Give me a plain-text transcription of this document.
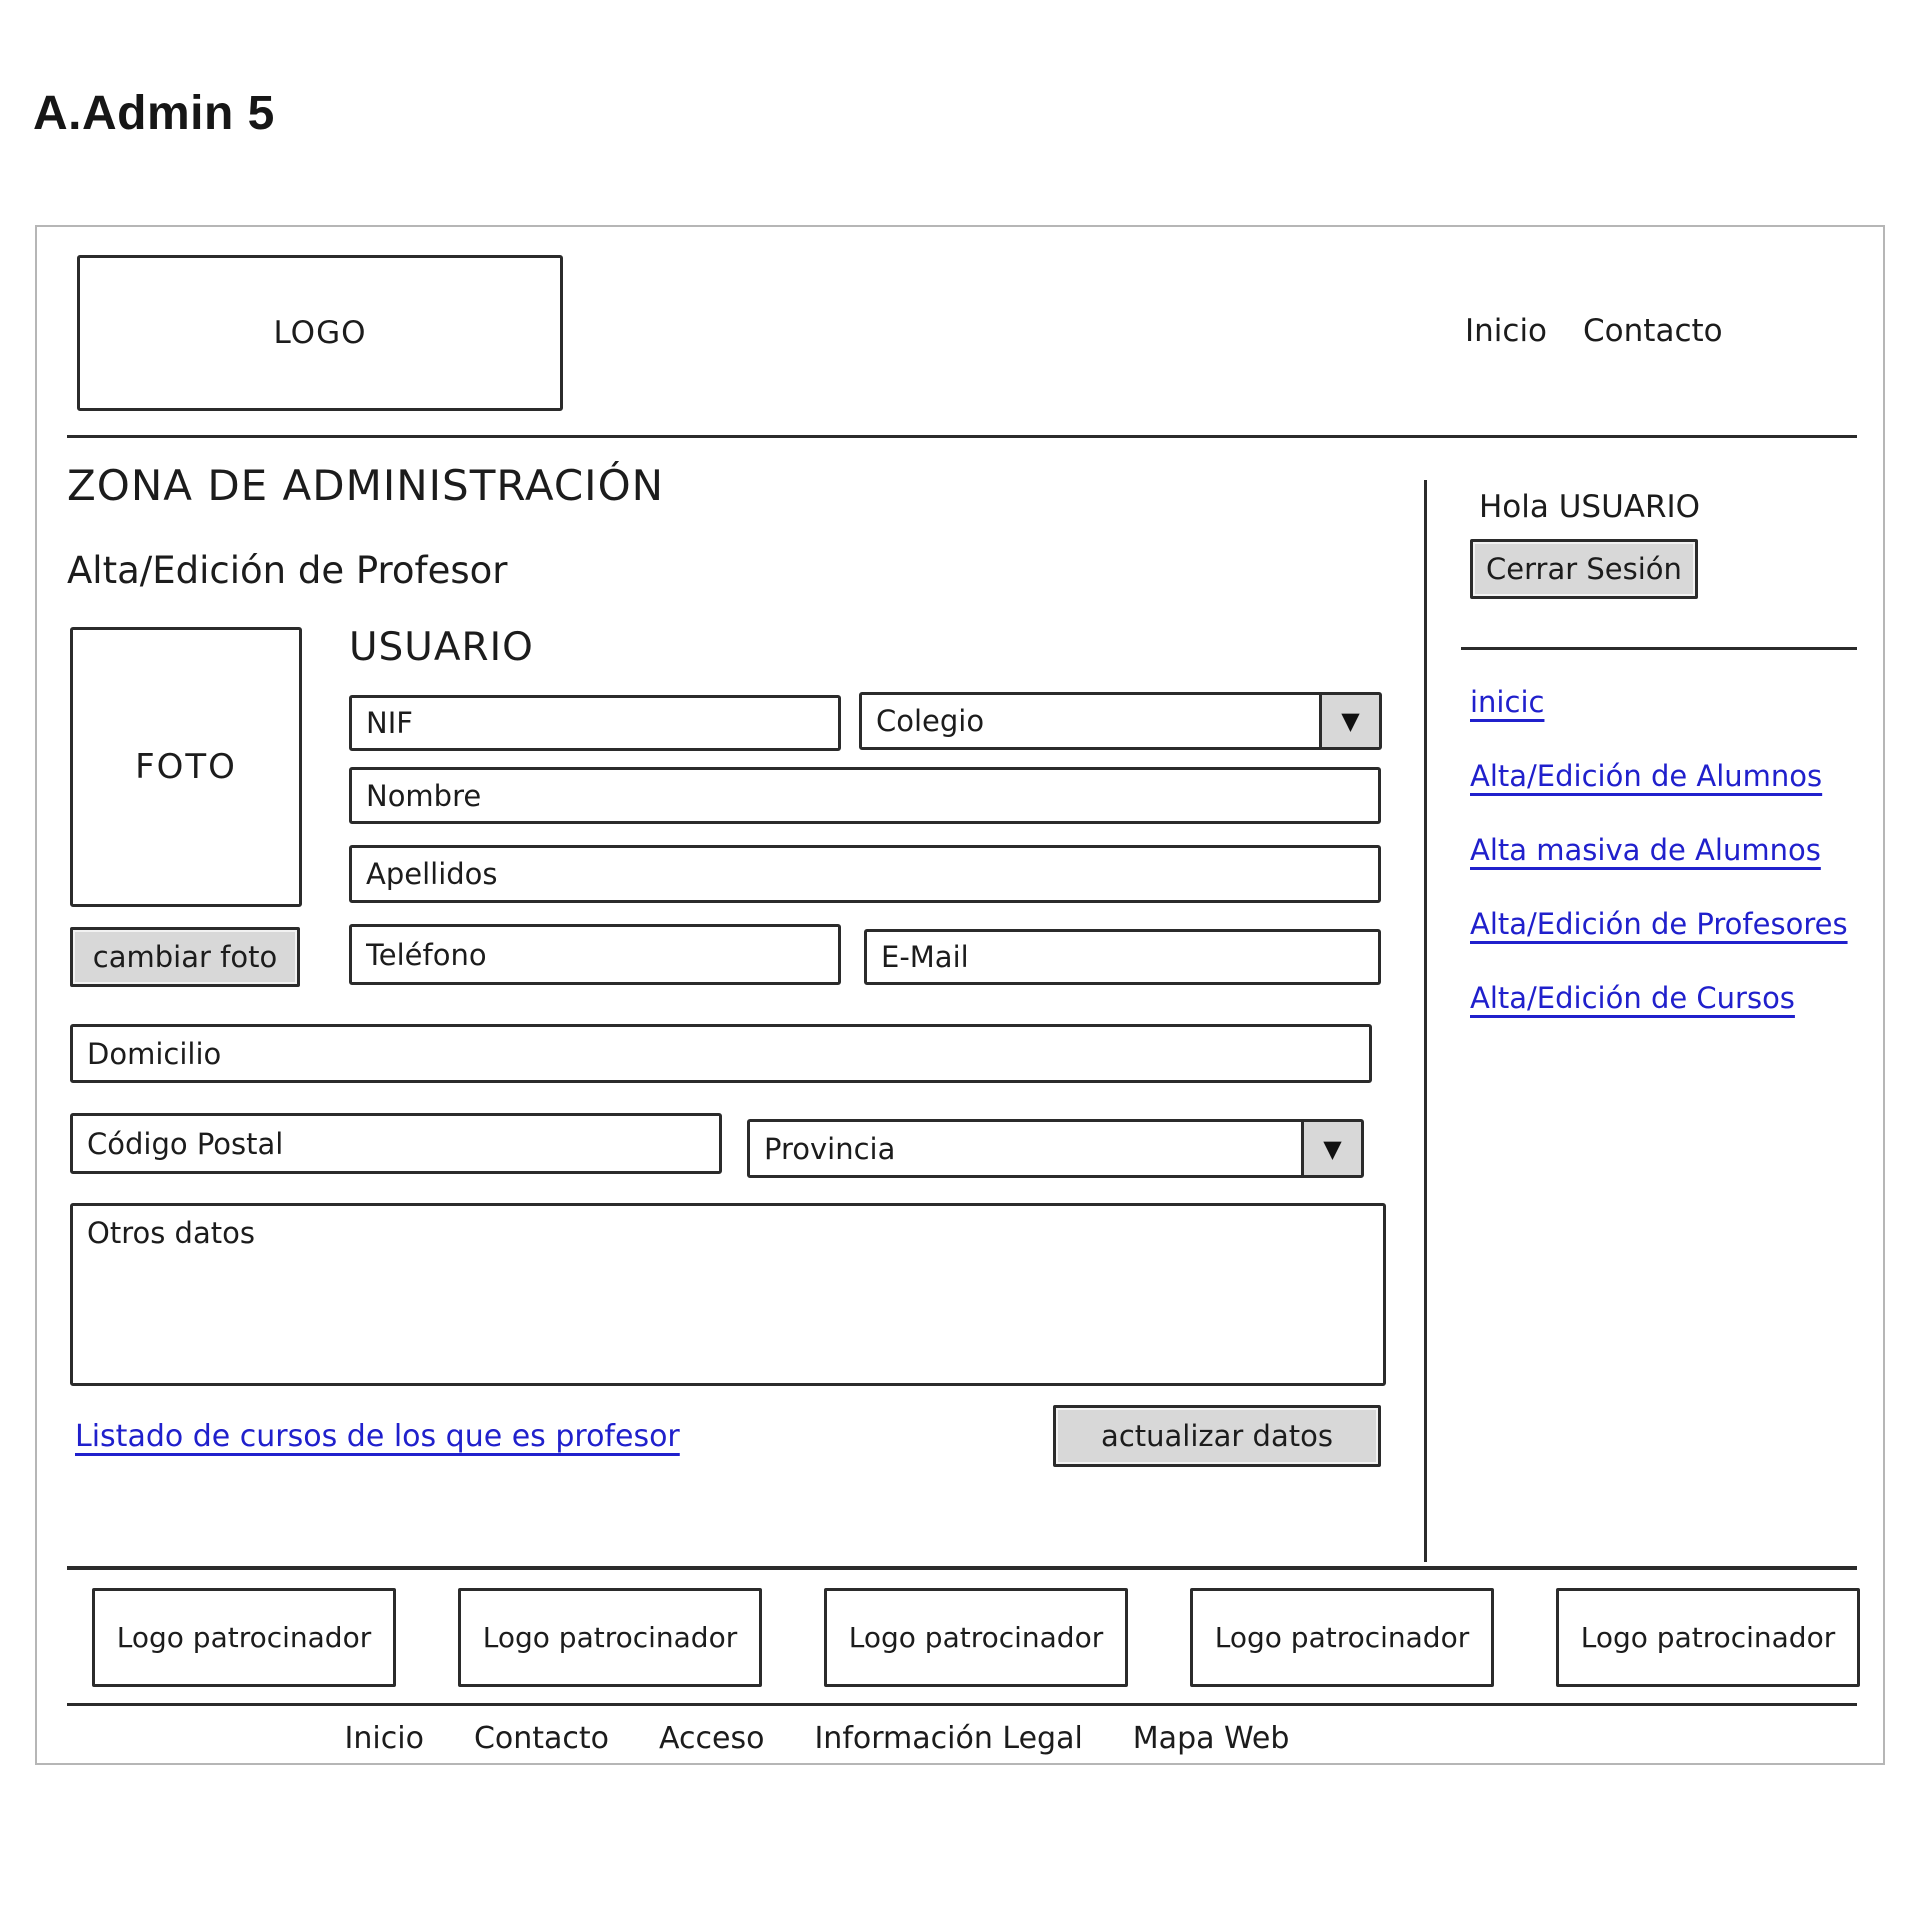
A.Admin 5
LOGO	Inicio Contacto
ZONA DE ADMINISTRACIÓN
Alta/Edición de Profesor
FOTO
cambiar foto
USUARIO
NIF
Colegio	▼
Nombre
Apellidos
Teléfono
E-Mail
Domicilio
Código Postal
Provincia	▼
Otros datos
Listado de cursos de los que es profesor	actualizar datos
Hola USUARIO
Cerrar Sesión
inicic
Alta/Edición de Alumnos
Alta masiva de Alumnos
Alta/Edición de Profesores
Alta/Edición de Cursos
Logo patrocinador	Logo patrocinador	Logo patrocinador	Logo patrocinador	Logo patrocinador
Inicio Contacto Acceso Información Legal Mapa Web
